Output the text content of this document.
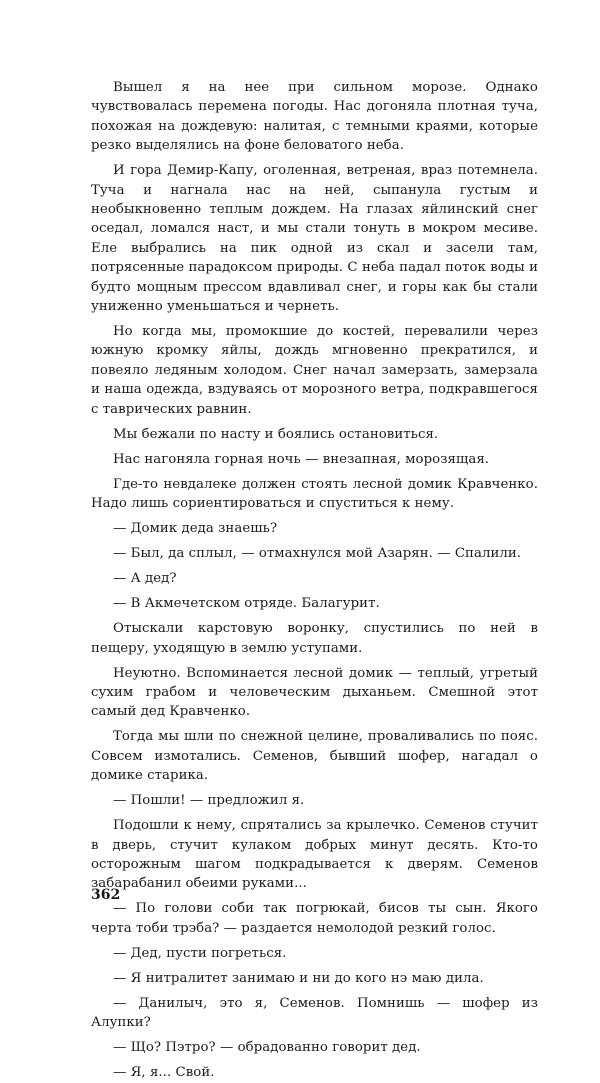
Вышел я на нее при сильном морозе. Однако чувствовалась перемена погоды. Нас догоняла плотная туча, похожая на дождевую: налитая, с темными краями, которые резко выделялись на фоне беловатого неба.

И гора Демир-Капу, оголенная, ветреная, враз потемнела. Туча и нагнала нас на ней, сыпанула густым и необыкновенно теплым дождем. На глазах яйлинский снег оседал, ломался наст, и мы стали тонуть в мокром месиве. Еле выбрались на пик одной из скал и засели там, потрясенные парадоксом природы. С неба падал поток воды и будто мощным прессом вдавливал снег, и горы как бы стали униженно уменьшаться и чернеть.

Но когда мы, промокшие до костей, перевалили через южную кромку яйлы, дождь мгновенно прекратился, и повеяло ледяным холодом. Снег начал замерзать, замерзала и наша одежда, вздуваясь от морозного ветра, подкравшегося с таврических равнин.

Мы бежали по насту и боялись остановиться.

Нас нагоняла горная ночь — внезапная, морозящая.

Где-то невдалеке должен стоять лесной домик Кравченко. Надо лишь сориентироваться и спуститься к нему.

— Домик деда знаешь?

— Был, да сплыл, — отмахнулся мой Азарян. — Спалили.

— А дед?

— В Акмечетском отряде. Балагурит.

Отыскали карстовую воронку, спустились по ней в пещеру, уходящую в землю уступами.

Неуютно. Вспоминается лесной домик — теплый, угретый сухим грабом и человеческим дыханьем. Смешной этот самый дед Кравченко.

Тогда мы шли по снежной целине, проваливались по пояс. Совсем измотались. Семенов, бывший шофер, нагадал о домике старика.

— Пошли! — предложил я.

Подошли к нему, спрятались за крылечко. Семенов стучит в дверь, стучит кулаком добрых минут десять. Кто-то осторожным шагом подкрадывается к дверям. Семенов забарабанил обеими руками...

— По голови соби так погрюкай, бисов ты сын. Якого черта тоби трэба? — раздается немолодой резкий голос.

— Дед, пусти погреться.

— Я нитралитет занимаю и ни до кого нэ маю дила.

— Данилыч, это я, Семенов. Помнишь — шофер из Алупки?

— Що? Пэтро? — обрадованно говорит дед.

— Я, я... Свой.

362
